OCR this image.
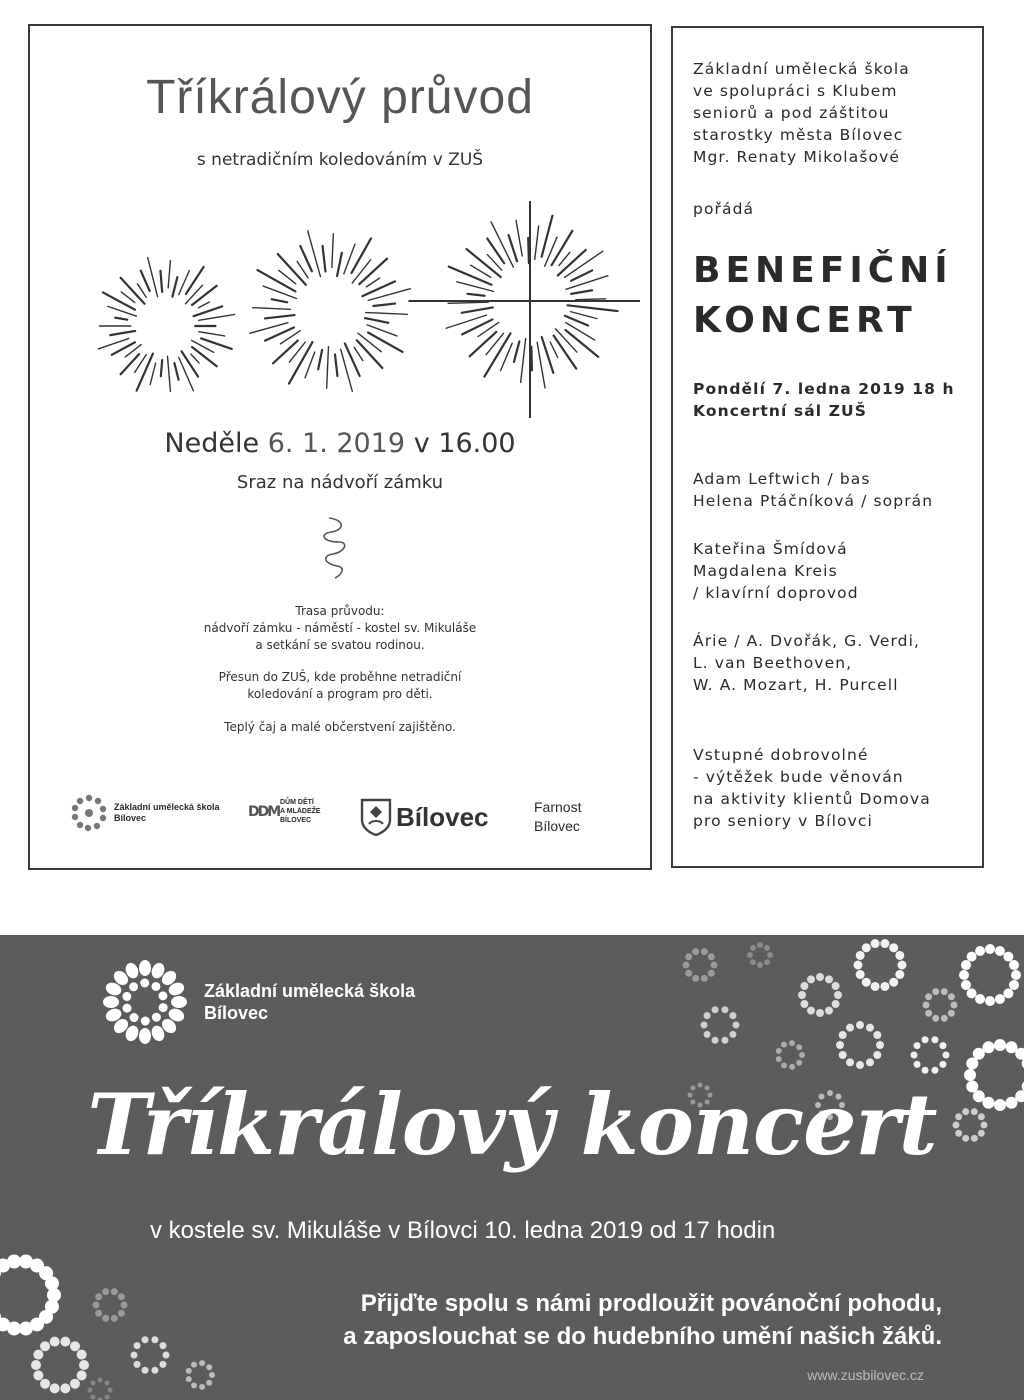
Tříkrálový průvod
s netradičním koledováním v ZUŠ
Neděle 6. 1. 2019 v 16.00
Sraz na nádvoří zámku
Trasa průvodu:
nádvoří zámku - náměstí - kostel sv. Mikuláše
a setkání se svatou rodinou.
Přesun do ZUŠ, kde proběhne netradiční
koledování a program pro děti.
Teplý čaj a malé občerstvení zajištěno.
Základní umělecká škola
Bílovec	DDM
DŮM DĚTÍ
A MLÁDEŽE
BÍLOVEC	Bílovec	Farnost
Bílovec
Základní umělecká škola
ve spolupráci s Klubem
seniorů a pod záštitou
starostky města Bílovec
Mgr. Renaty Mikolašové
pořádá
BENEFIČNÍ
KONCERT
Pondělí 7. ledna 2019 18 h
Koncertní sál ZUŠ
Adam Leftwich / bas
Helena Ptáčníková / soprán
Kateřina Šmídová
Magdalena Kreis
/ klavírní doprovod
Árie / A. Dvořák, G. Verdi,
L. van Beethoven,
W. A. Mozart, H. Purcell
Vstupné dobrovolné
- výtěžek bude věnován
na aktivity klientů Domova
pro seniory v Bílovci
Základní umělecká škola
Bílovec
Tříkrálový koncert
v kostele sv. Mikuláše v Bílovci 10. ledna 2019 od 17 hodin
Přijďte spolu s námi prodloužit povánoční pohodu,
a zaposlouchat se do hudebního umění našich žáků.
www.zusbilovec.cz
